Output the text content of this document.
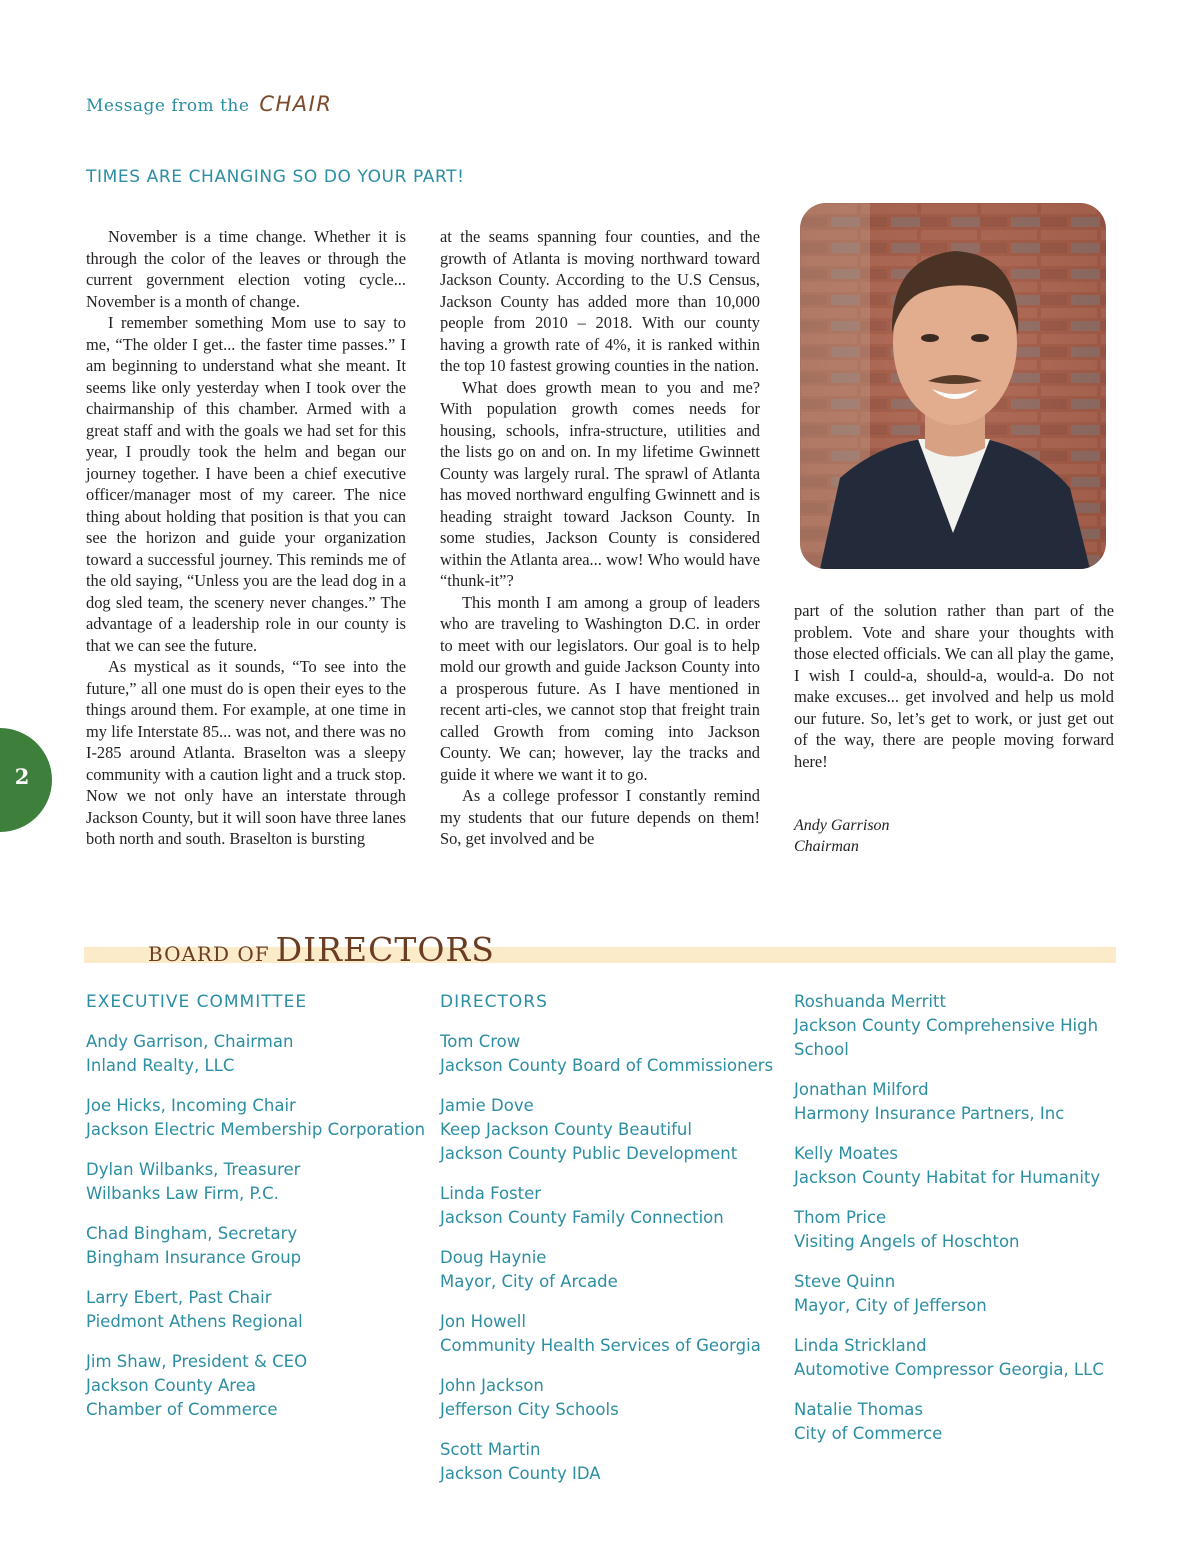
Message from the CHAIR
TIMES ARE CHANGING SO DO YOUR PART!

November is a time change. Whether it is through the color of the leaves or through the current government election voting cycle... November is a month of change.

I remember something Mom use to say to me, “The older I get... the faster time passes.” I am beginning to understand what she meant. It seems like only yesterday when I took over the chairmanship of this chamber. Armed with a great staff and with the goals we had set for this year, I proudly took the helm and began our journey together. I have been a chief executive officer/manager most of my career. The nice thing about holding that position is that you can see the horizon and guide your organization toward a successful journey. This reminds me of the old saying, “Unless you are the lead dog in a dog sled team, the scenery never changes.” The advantage of a leadership role in our county is that we can see the future.

As mystical as it sounds, “To see into the future,” all one must do is open their eyes to the things around them. For example, at one time in my life Interstate 85... was not, and there was no I-285 around Atlanta. Braselton was a sleepy community with a caution light and a truck stop. Now we not only have an interstate through Jackson County, but it will soon have three lanes both north and south. Braselton is bursting

at the seams spanning four counties, and the growth of Atlanta is moving northward toward Jackson County. According to the U.S Census, Jackson County has added more than 10,000 people from 2010 – 2018. With our county having a growth rate of 4%, it is ranked within the top 10 fastest growing counties in the nation.

What does growth mean to you and me? With population growth comes needs for housing, schools, infra-structure, utilities and the lists go on and on. In my lifetime Gwinnett County was largely rural. The sprawl of Atlanta has moved northward engulfing Gwinnett and is heading straight toward Jackson County. In some studies, Jackson County is considered within the Atlanta area... wow! Who would have “thunk-it”?

This month I am among a group of leaders who are traveling to Washington D.C. in order to meet with our legislators. Our goal is to help mold our growth and guide Jackson County into a prosperous future. As I have mentioned in recent arti-cles, we cannot stop that freight train called Growth from coming into Jackson County. We can; however, lay the tracks and guide it where we want it to go.

As a college professor I constantly remind my students that our future depends on them! So, get involved and be

part of the solution rather than part of the problem. Vote and share your thoughts with those elected officials. We can all play the game, I wish I could-a, should-a, would-a. Do not make excuses... get involved and help us mold our future. So, let’s get to work, or just get out of the way, there are people moving forward here!

Andy Garrison
Chairman
2
BOARD OF DIRECTORS
EXECUTIVE COMMITTEE
Andy Garrison, Chairman
Inland Realty, LLC
Joe Hicks, Incoming Chair
Jackson Electric Membership Corporation
Dylan Wilbanks, Treasurer
Wilbanks Law Firm, P.C.
Chad Bingham, Secretary
Bingham Insurance Group
Larry Ebert, Past Chair
Piedmont Athens Regional
Jim Shaw, President & CEO
Jackson County Area
Chamber of Commerce
DIRECTORS
Tom Crow
Jackson County Board of Commissioners
Jamie Dove
Keep Jackson County Beautiful
Jackson County Public Development
Linda Foster
Jackson County Family Connection
Doug Haynie
Mayor, City of Arcade
Jon Howell
Community Health Services of Georgia
John Jackson
Jefferson City Schools
Scott Martin
Jackson County IDA
Roshuanda Merritt
Jackson County Comprehensive High
School
Jonathan Milford
Harmony Insurance Partners, Inc
Kelly Moates
Jackson County Habitat for Humanity
Thom Price
Visiting Angels of Hoschton
Steve Quinn
Mayor, City of Jefferson
Linda Strickland
Automotive Compressor Georgia, LLC
Natalie Thomas
City of Commerce
